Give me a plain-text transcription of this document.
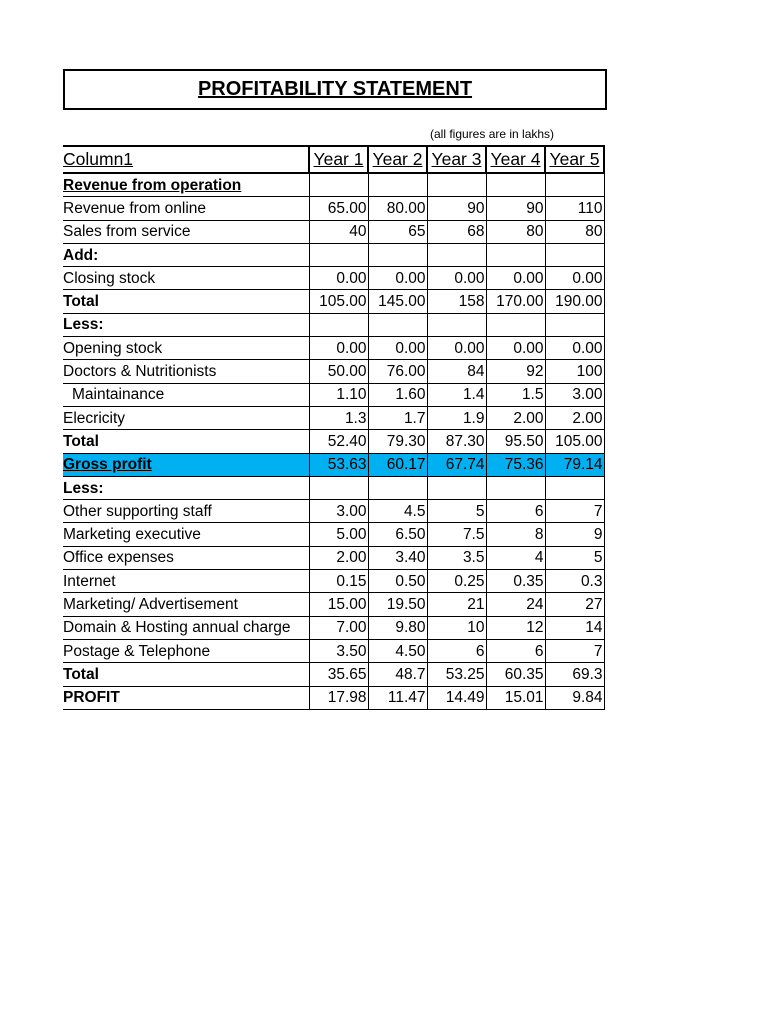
PROFITABILITY STATEMENT
(all figures are in lakhs)
Column1	Year 1	Year 2	Year 3	Year 4	Year 5
Revenue from operation					
Revenue from online	65.00	80.00	90	90	110
Sales from service	40	65	68	80	80
Add:					
Closing stock	0.00	0.00	0.00	0.00	0.00
Total	105.00	145.00	158	170.00	190.00
Less:					
Opening stock	0.00	0.00	0.00	0.00	0.00
Doctors & Nutritionists	50.00	76.00	84	92	100
Maintainance	1.10	1.60	1.4	1.5	3.00
Elecricity	1.3	1.7	1.9	2.00	2.00
Total	52.40	79.30	87.30	95.50	105.00
Gross profit	53.63	60.17	67.74	75.36	79.14
Less:					
Other supporting staff	3.00	4.5	5	6	7
Marketing executive	5.00	6.50	7.5	8	9
Office expenses	2.00	3.40	3.5	4	5
Internet	0.15	0.50	0.25	0.35	0.3
Marketing/ Advertisement	15.00	19.50	21	24	27
Domain & Hosting annual charge	7.00	9.80	10	12	14
Postage & Telephone	3.50	4.50	6	6	7
Total	35.65	48.7	53.25	60.35	69.3
PROFIT	17.98	11.47	14.49	15.01	9.84
